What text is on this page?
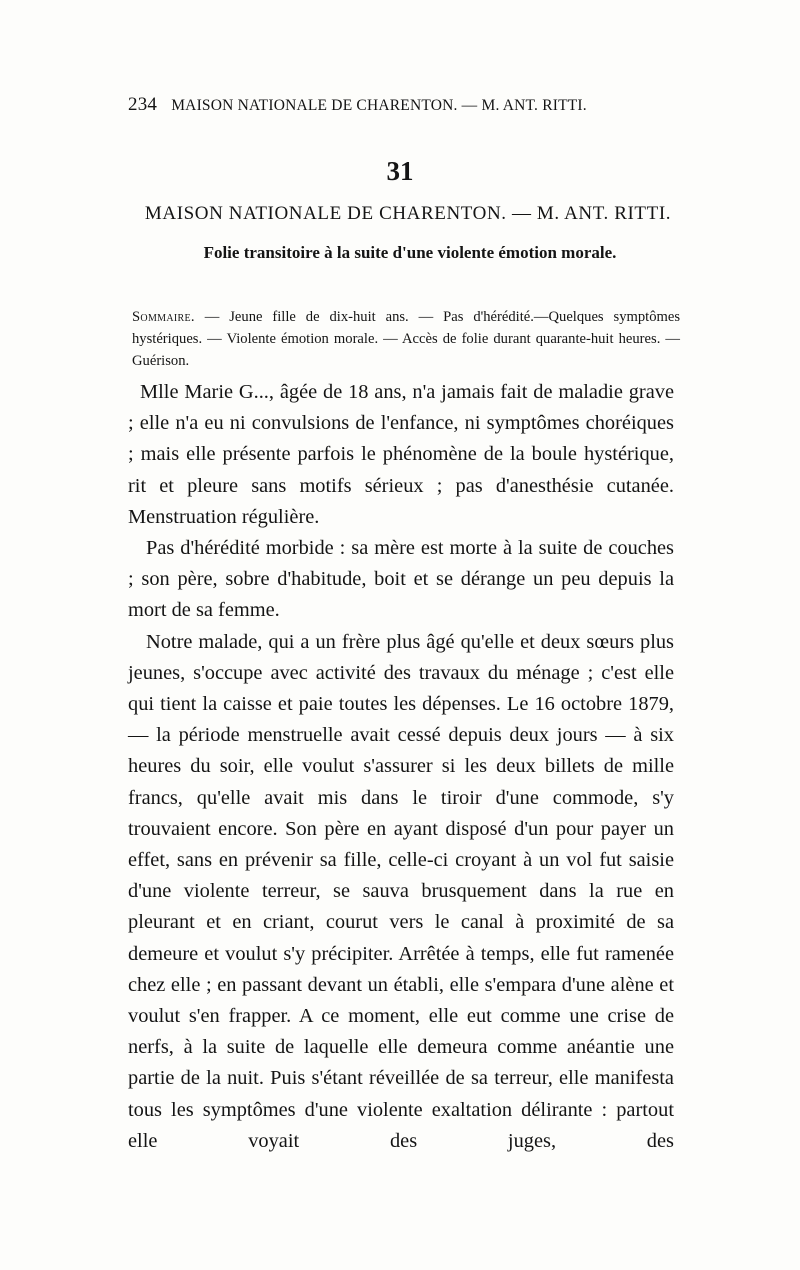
234 MAISON NATIONALE DE CHARENTON. — M. ANT. RITTI.
31
MAISON NATIONALE DE CHARENTON. — M. ANT. RITTI.
Folie transitoire à la suite d'une violente émotion morale.
Sommaire. — Jeune fille de dix-huit ans. — Pas d'hérédité.—Quelques symptômes hystériques. — Violente émotion morale. — Accès de folie durant quarante-huit heures. — Guérison.

Mlle Marie G..., âgée de 18 ans, n'a jamais fait de maladie grave ; elle n'a eu ni convulsions de l'enfance, ni symptômes choréiques ; mais elle présente parfois le phénomène de la boule hystérique, rit et pleure sans motifs sérieux ; pas d'anesthésie cutanée. Menstruation régulière.

Pas d'hérédité morbide : sa mère est morte à la suite de couches ; son père, sobre d'habitude, boit et se dérange un peu depuis la mort de sa femme.

Notre malade, qui a un frère plus âgé qu'elle et deux sœurs plus jeunes, s'occupe avec activité des travaux du ménage ; c'est elle qui tient la caisse et paie toutes les dépenses. Le 16 octobre 1879, — la période menstruelle avait cessé depuis deux jours — à six heures du soir, elle voulut s'assurer si les deux billets de mille francs, qu'elle avait mis dans le tiroir d'une commode, s'y trouvaient encore. Son père en ayant disposé d'un pour payer un effet, sans en prévenir sa fille, celle-ci croyant à un vol fut saisie d'une violente terreur, se sauva brusquement dans la rue en pleurant et en criant, courut vers le canal à proximité de sa demeure et voulut s'y précipiter. Arrêtée à temps, elle fut ramenée chez elle ; en passant devant un établi, elle s'empara d'une alène et voulut s'en frapper. A ce moment, elle eut comme une crise de nerfs, à la suite de laquelle elle demeura comme anéantie une partie de la nuit. Puis s'étant réveillée de sa terreur, elle manifesta tous les symptômes d'une violente exaltation délirante : partout elle voyait des juges, des
